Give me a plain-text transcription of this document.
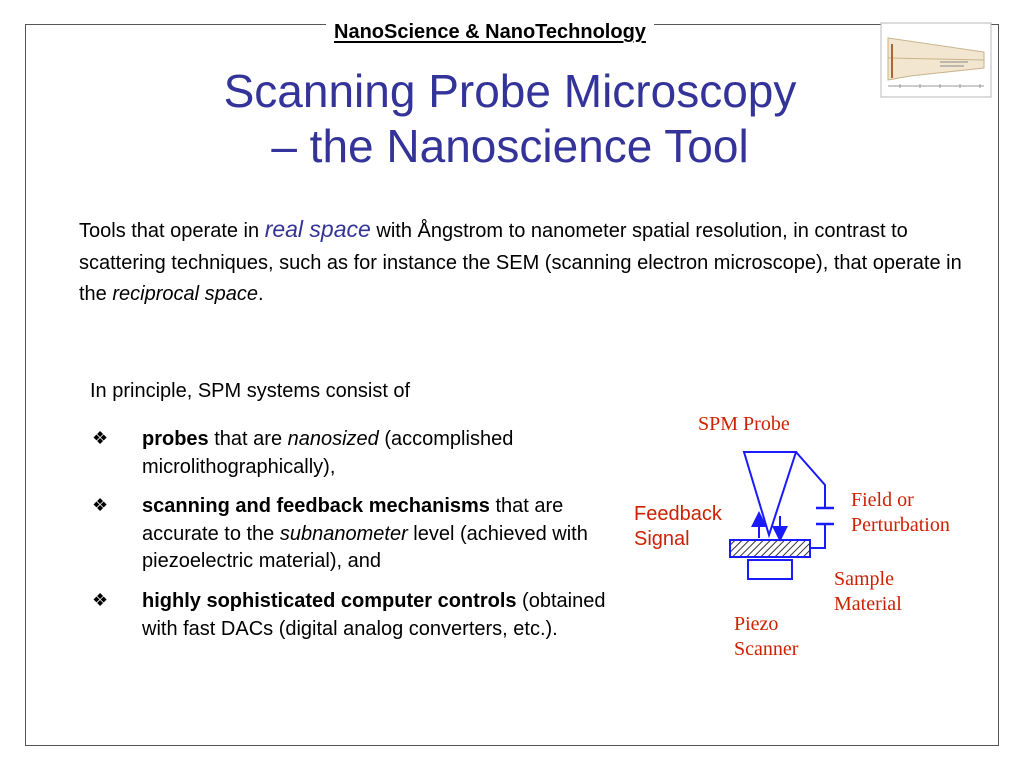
NanoScience & NanoTechnology
Scanning Probe Microscopy
– the Nanoscience Tool

Tools that operate in real space with Ångstrom to nanometer spatial resolution, in contrast to scattering techniques, such as for instance the SEM (scanning electron microscope), that operate in the reciprocal space.

In principle, SPM systems consist of
❖ probes that are nanosized (accomplished microlithographically),
❖ scanning and feedback mechanisms that are accurate to the subnanometer level (achieved with piezoelectric material), and
❖ highly sophisticated computer controls (obtained with fast DACs (digital analog converters, etc.).
SPM Probe
Field or
Perturbation
Feedback
Signal
Sample
Material
Piezo
Scanner
